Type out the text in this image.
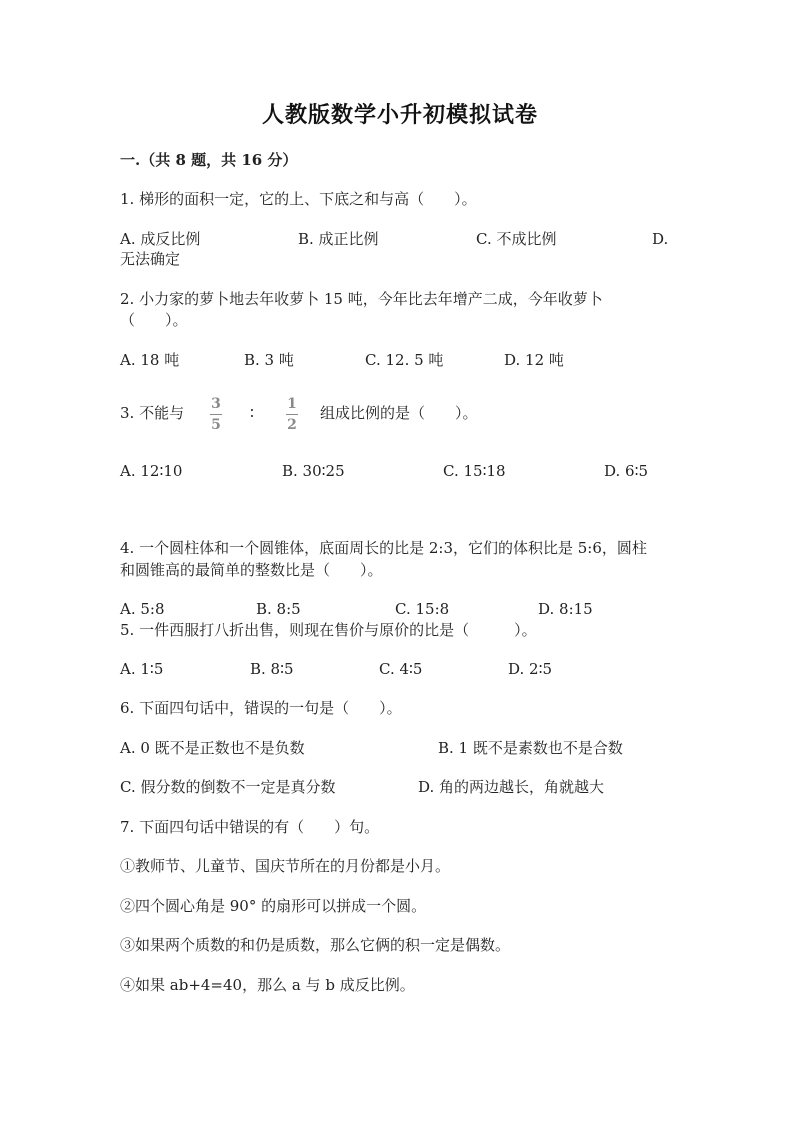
人教版数学小升初模拟试卷
一.（共 8 题，共 16 分）
1. 梯形的面积一定，它的上、下底之和与高（　　）。
A. 成反比例	B. 成正比例	C. 不成比例	D.
无法确定
2. 小力家的萝卜地去年收萝卜 15 吨，今年比去年增产二成，今年收萝卜
（　　）。
A. 18 吨	B. 3 吨	C. 12. 5 吨	D. 12 吨
3. 不能与 3
5
∶ 1
2
组成比例的是（　　）。
A. 12∶10	B. 30∶25	C. 15∶18	D. 6∶5
4. 一个圆柱体和一个圆锥体，底面周长的比是 2:3，它们的体积比是 5:6，圆柱
和圆锥高的最简单的整数比是（　　）。
A. 5:8	B. 8:5	C. 15:8	D. 8:15
5. 一件西服打八折出售，则现在售价与原价的比是（　　　）。
A. 1∶5	B. 8∶5	C. 4∶5	D. 2∶5
6. 下面四句话中，错误的一句是（　　）。
A. 0 既不是正数也不是负数	B. 1 既不是素数也不是合数
C. 假分数的倒数不一定是真分数	D. 角的两边越长，角就越大
7. 下面四句话中错误的有（　　）句。
①教师节、儿童节、国庆节所在的月份都是小月。
②四个圆心角是 90° 的扇形可以拼成一个圆。
③如果两个质数的和仍是质数，那么它俩的积一定是偶数。
④如果 ab+4=40，那么 a 与 b 成反比例。
